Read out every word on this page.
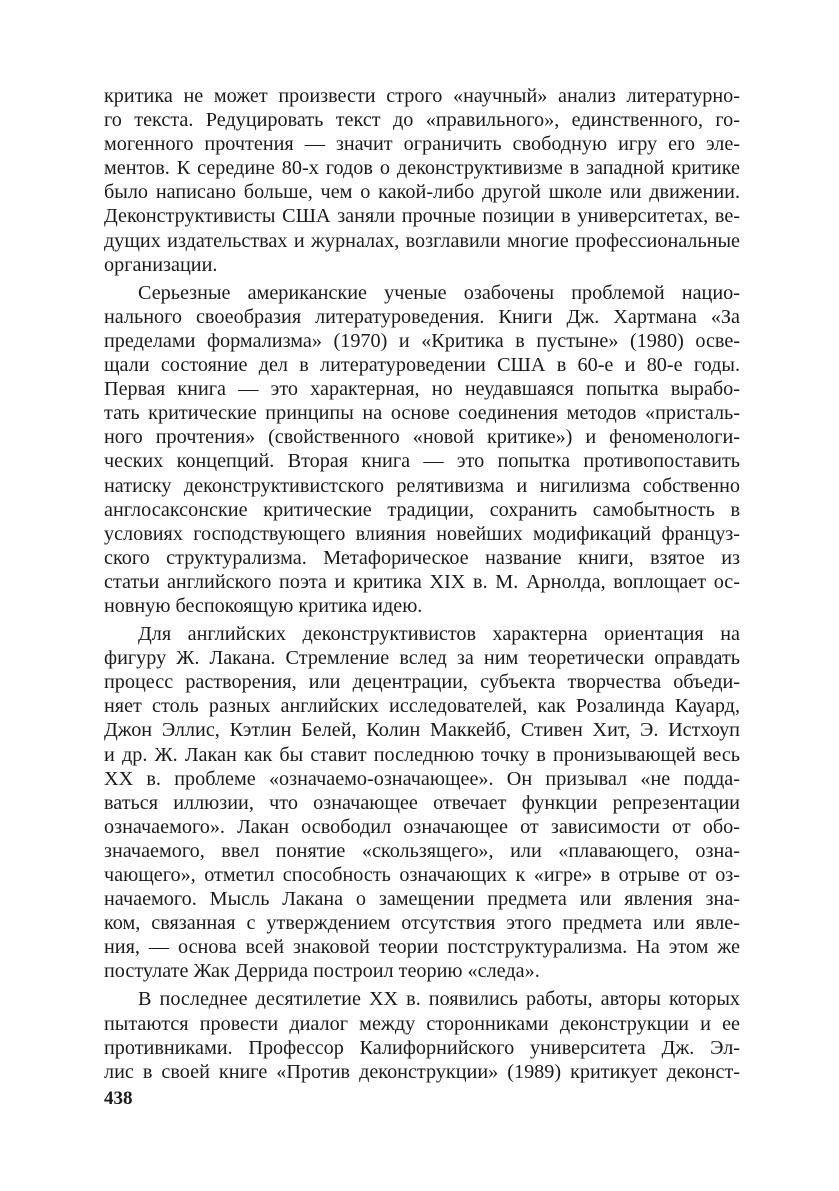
критика не может произвести строго «научный» анализ литературно-
го текста. Редуцировать текст до «правильного», единственного, го-
могенного прочтения — значит ограничить свободную игру его эле-
ментов. К середине 80-х годов о деконструктивизме в западной критике
было написано больше, чем о какой-либо другой школе или движении.
Деконструктивисты США заняли прочные позиции в университетах, ве-
дущих издательствах и журналах, возглавили многие профессиональные
организации.
Серьезные американские ученые озабочены проблемой нацио-
нального своеобразия литературоведения. Книги Дж. Хартмана «За
пределами формализма» (1970) и «Критика в пустыне» (1980) осве-
щали состояние дел в литературоведении США в 60-е и 80-е годы.
Первая книга — это характерная, но неудавшаяся попытка вырабо-
тать критические принципы на основе соединения методов «присталь-
ного прочтения» (свойственного «новой критике») и феноменологи-
ческих концепций. Вторая книга — это попытка противопоставить
натиску деконструктивистского релятивизма и нигилизма собственно
англосаксонские критические традиции, сохранить самобытность в
условиях господствующего влияния новейших модификаций француз-
ского структурализма. Метафорическое название книги, взятое из
статьи английского поэта и критика XIX в. М. Арнолда, воплощает ос-
новную беспокоящую критика идею.
Для английских деконструктивистов характерна ориентация на
фигуру Ж. Лакана. Стремление вслед за ним теоретически оправдать
процесс растворения, или децентрации, субъекта творчества объеди-
няет столь разных английских исследователей, как Розалинда Кауард,
Джон Эллис, Кэтлин Белей, Колин Маккейб, Стивен Хит, Э. Истхоуп
и др. Ж. Лакан как бы ставит последнюю точку в пронизывающей весь
XX в. проблеме «означаемо-означающее». Он призывал «не подда-
ваться иллюзии, что означающее отвечает функции репрезентации
означаемого». Лакан освободил означающее от зависимости от обо-
значаемого, ввел понятие «скользящего», или «плавающего, озна-
чающего», отметил способность означающих к «игре» в отрыве от оз-
начаемого. Мысль Лакана о замещении предмета или явления зна-
ком, связанная с утверждением отсутствия этого предмета или явле-
ния, — основа всей знаковой теории постструктурализма. На этом же
постулате Жак Деррида построил теорию «следа».
В последнее десятилетие XX в. появились работы, авторы которых
пытаются провести диалог между сторонниками деконструкции и ее
противниками. Профессор Калифорнийского университета Дж. Эл-
лис в своей книге «Против деконструкции» (1989) критикует деконст-
438
